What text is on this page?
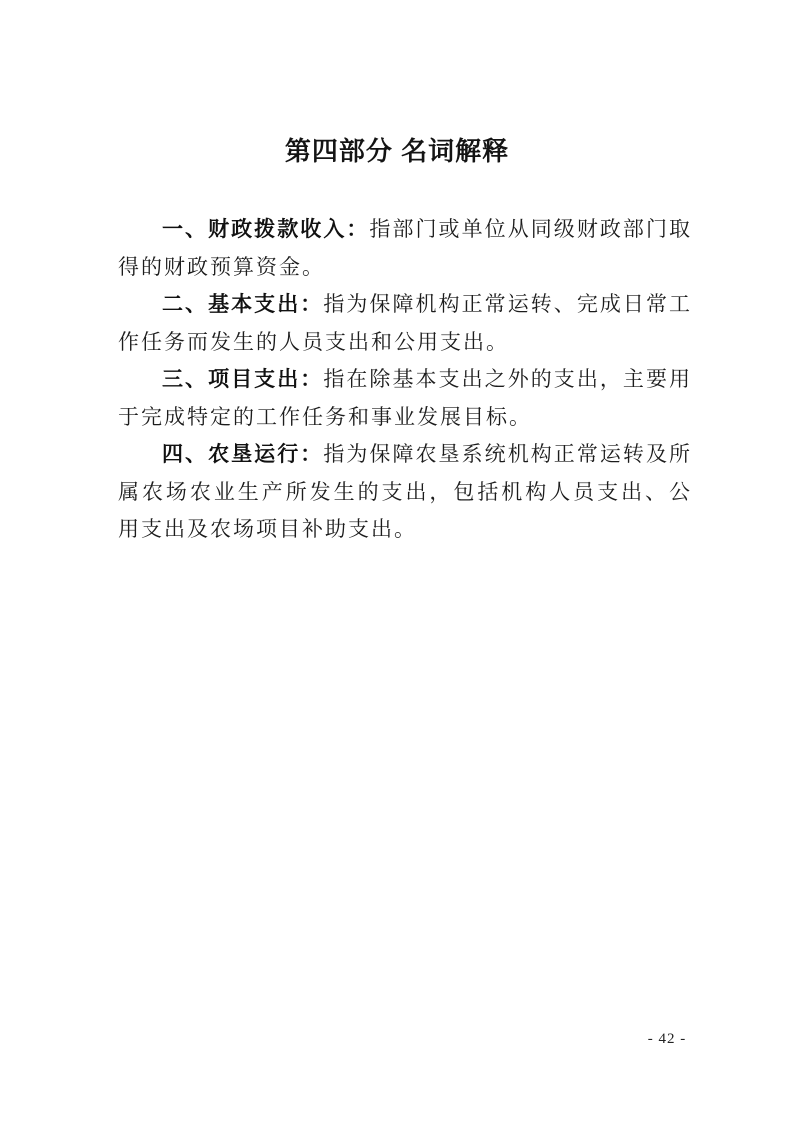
第四部分 名词解释

一、财政拨款收入：指部门或单位从同级财政部门取得的财政预算资金。

二、基本支出：指为保障机构正常运转、完成日常工作任务而发生的人员支出和公用支出。

三、项目支出：指在除基本支出之外的支出，主要用于完成特定的工作任务和事业发展目标。

四、农垦运行：指为保障农垦系统机构正常运转及所属农场农业生产所发生的支出，包括机构人员支出、公用支出及农场项目补助支出。

- 42 -
